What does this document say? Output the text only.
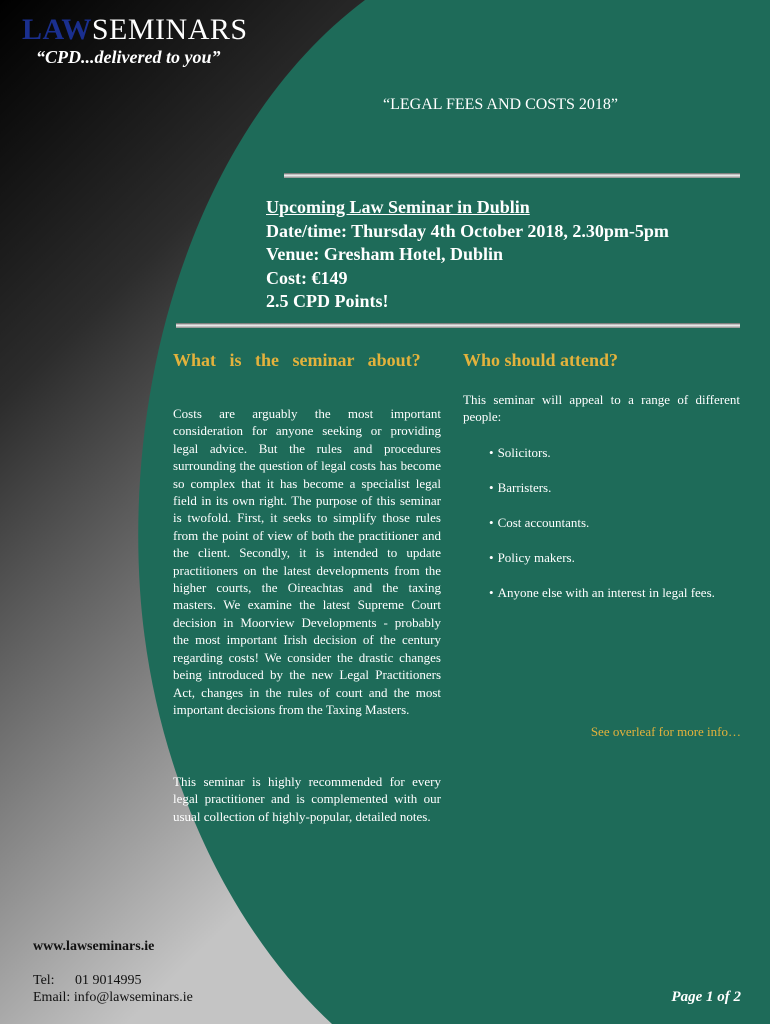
LAWSEMINARS
“CPD...delivered to you”
“LEGAL FEES AND COSTS 2018”
Upcoming Law Seminar in Dublin
Date/time: Thursday 4th October 2018, 2.30pm-5pm
Venue: Gresham Hotel, Dublin
Cost: €149
2.5 CPD Points!
What is the seminar about?	Who should attend?
Costs are arguably the most important consideration for anyone seeking or providing legal advice. But the rules and procedures surrounding the question of legal costs has become so complex that it has become a specialist legal field in its own right. The purpose of this seminar is twofold. First, it seeks to simplify those rules from the point of view of both the practitioner and the client. Secondly, it is intended to update practitioners on the latest developments from the higher courts, the Oireachtas and the taxing masters. We examine the latest Supreme Court decision in Moorview Developments - probably the most important Irish decision of the century regarding costs! We consider the drastic changes being introduced by the new Legal Practitioners Act, changes in the rules of court and the most important decisions from the Taxing Masters.
This seminar is highly recommended for every legal practitioner and is complemented with our usual collection of highly-popular, detailed notes.
This seminar will appeal to a range of different people:
• Solicitors.
• Barristers.
• Cost accountants.
• Policy makers.
• Anyone else with an interest in legal fees.
See overleaf for more info…
www.lawseminars.ie
Tel: 01 9014995
Email: info@lawseminars.ie	Page 1 of 2
